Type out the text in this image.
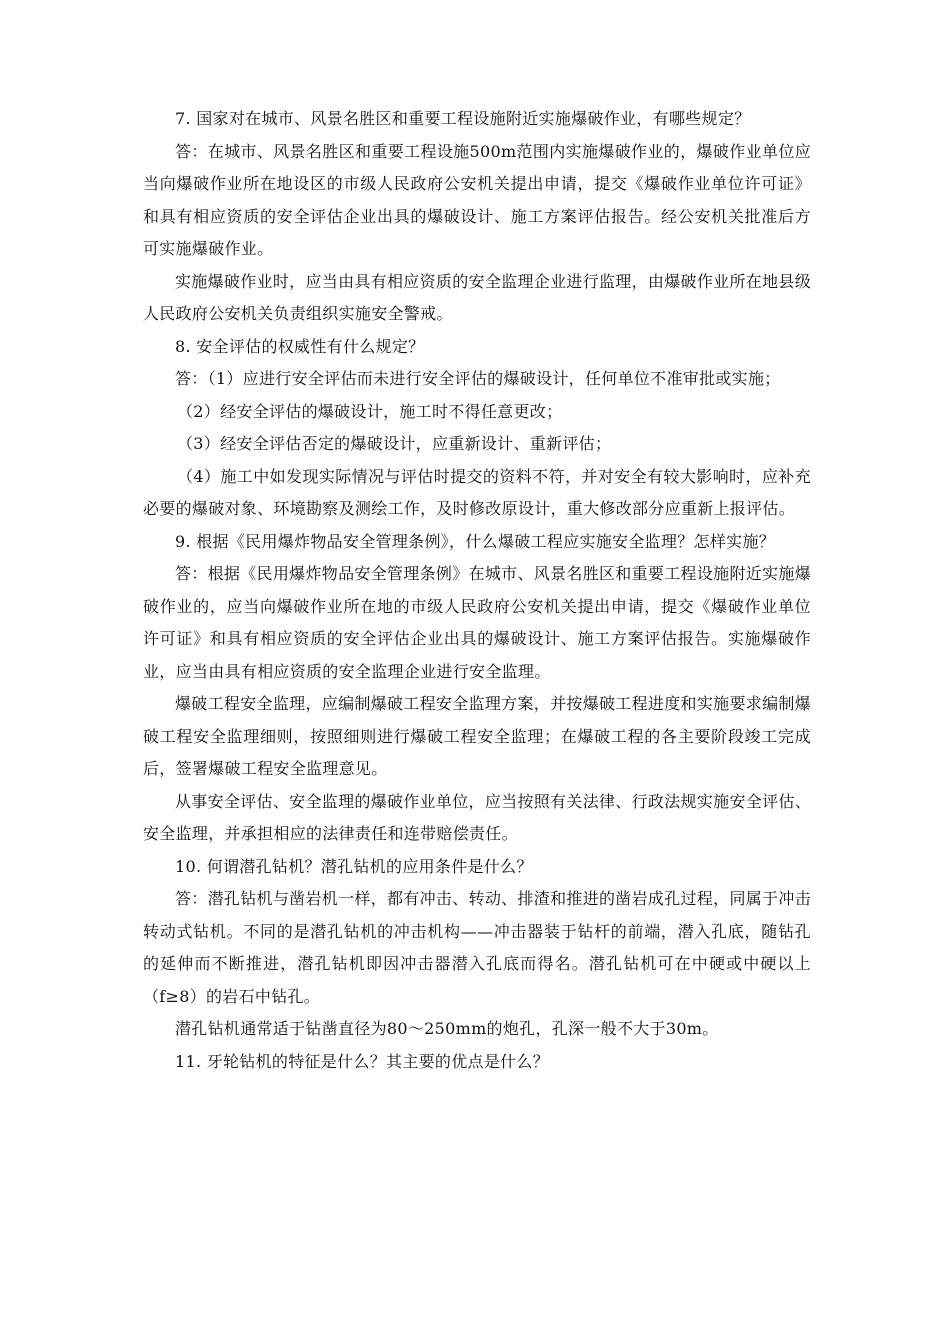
7. 国家对在城市、风景名胜区和重要工程设施附近实施爆破作业，有哪些规定？

答：在城市、风景名胜区和重要工程设施500m范围内实施爆破作业的，爆破作业单位应当向爆破作业所在地设区的市级人民政府公安机关提出申请，提交《爆破作业单位许可证》和具有相应资质的安全评估企业出具的爆破设计、施工方案评估报告。经公安机关批准后方可实施爆破作业。

实施爆破作业时，应当由具有相应资质的安全监理企业进行监理，由爆破作业所在地县级人民政府公安机关负责组织实施安全警戒。

8. 安全评估的权威性有什么规定？

答：（1）应进行安全评估而未进行安全评估的爆破设计，任何单位不准审批或实施；

（2）经安全评估的爆破设计，施工时不得任意更改；

（3）经安全评估否定的爆破设计，应重新设计、重新评估；

（4）施工中如发现实际情况与评估时提交的资料不符，并对安全有较大影响时，应补充必要的爆破对象、环境勘察及测绘工作，及时修改原设计，重大修改部分应重新上报评估。

9. 根据《民用爆炸物品安全管理条例》，什么爆破工程应实施安全监理？怎样实施？

答：根据《民用爆炸物品安全管理条例》在城市、风景名胜区和重要工程设施附近实施爆破作业的，应当向爆破作业所在地的市级人民政府公安机关提出申请，提交《爆破作业单位许可证》和具有相应资质的安全评估企业出具的爆破设计、施工方案评估报告。实施爆破作业，应当由具有相应资质的安全监理企业进行安全监理。

爆破工程安全监理，应编制爆破工程安全监理方案，并按爆破工程进度和实施要求编制爆破工程安全监理细则，按照细则进行爆破工程安全监理；在爆破工程的各主要阶段竣工完成后，签署爆破工程安全监理意见。

从事安全评估、安全监理的爆破作业单位，应当按照有关法律、行政法规实施安全评估、安全监理，并承担相应的法律责任和连带赔偿责任。

10. 何谓潜孔钻机？潜孔钻机的应用条件是什么？

答：潜孔钻机与凿岩机一样，都有冲击、转动、排渣和推进的凿岩成孔过程，同属于冲击转动式钻机。不同的是潜孔钻机的冲击机构——冲击器装于钻杆的前端，潜入孔底，随钻孔的延伸而不断推进，潜孔钻机即因冲击器潜入孔底而得名。潜孔钻机可在中硬或中硬以上（f≥8）的岩石中钻孔。

潜孔钻机通常适于钻凿直径为80～250mm的炮孔，孔深一般不大于30m。

11. 牙轮钻机的特征是什么？其主要的优点是什么？
